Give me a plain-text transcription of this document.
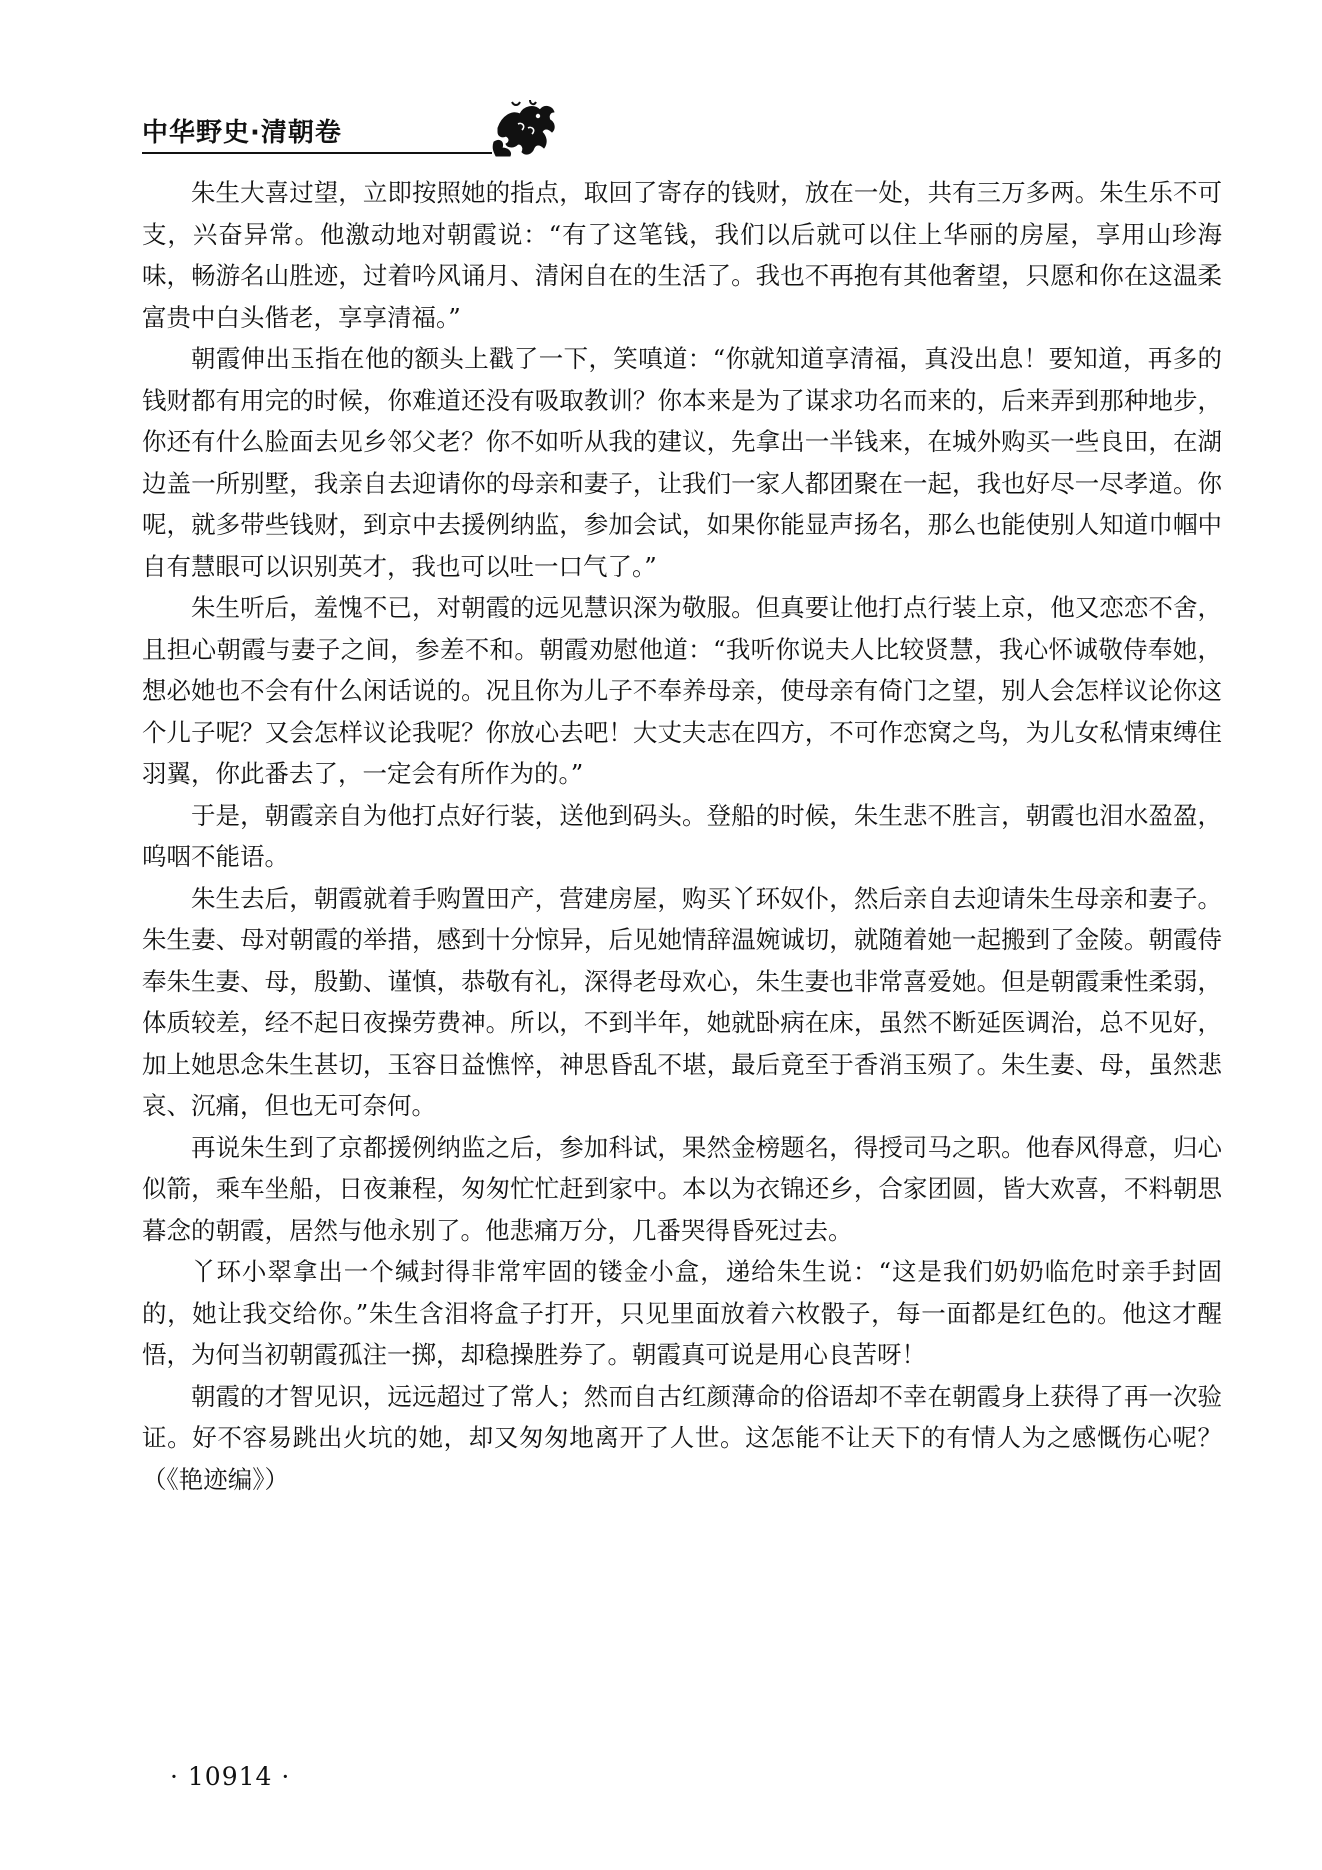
中华野史·清朝卷

朱生大喜过望，立即按照她的指点，取回了寄存的钱财，放在一处，共有三万多两。朱生乐不可支，兴奋异常。他激动地对朝霞说：“有了这笔钱，我们以后就可以住上华丽的房屋，享用山珍海味，畅游名山胜迹，过着吟风诵月、清闲自在的生活了。我也不再抱有其他奢望，只愿和你在这温柔富贵中白头偕老，享享清福。”

朝霞伸出玉指在他的额头上戳了一下，笑嗔道：“你就知道享清福，真没出息！要知道，再多的钱财都有用完的时候，你难道还没有吸取教训？你本来是为了谋求功名而来的，后来弄到那种地步，你还有什么脸面去见乡邻父老？你不如听从我的建议，先拿出一半钱来，在城外购买一些良田，在湖边盖一所别墅，我亲自去迎请你的母亲和妻子，让我们一家人都团聚在一起，我也好尽一尽孝道。你呢，就多带些钱财，到京中去援例纳监，参加会试，如果你能显声扬名，那么也能使别人知道巾帼中自有慧眼可以识别英才，我也可以吐一口气了。”

朱生听后，羞愧不已，对朝霞的远见慧识深为敬服。但真要让他打点行装上京，他又恋恋不舍，且担心朝霞与妻子之间，参差不和。朝霞劝慰他道：“我听你说夫人比较贤慧，我心怀诚敬侍奉她，想必她也不会有什么闲话说的。况且你为儿子不奉养母亲，使母亲有倚门之望，别人会怎样议论你这个儿子呢？又会怎样议论我呢？你放心去吧！大丈夫志在四方，不可作恋窝之鸟，为儿女私情束缚住羽翼，你此番去了，一定会有所作为的。”

于是，朝霞亲自为他打点好行装，送他到码头。登船的时候，朱生悲不胜言，朝霞也泪水盈盈，呜咽不能语。

朱生去后，朝霞就着手购置田产，营建房屋，购买丫环奴仆，然后亲自去迎请朱生母亲和妻子。朱生妻、母对朝霞的举措，感到十分惊异，后见她情辞温婉诚切，就随着她一起搬到了金陵。朝霞侍奉朱生妻、母，殷勤、谨慎，恭敬有礼，深得老母欢心，朱生妻也非常喜爱她。但是朝霞秉性柔弱，体质较差，经不起日夜操劳费神。所以，不到半年，她就卧病在床，虽然不断延医调治，总不见好，加上她思念朱生甚切，玉容日益憔悴，神思昏乱不堪，最后竟至于香消玉殒了。朱生妻、母，虽然悲哀、沉痛，但也无可奈何。

再说朱生到了京都援例纳监之后，参加科试，果然金榜题名，得授司马之职。他春风得意，归心似箭，乘车坐船，日夜兼程，匆匆忙忙赶到家中。本以为衣锦还乡，合家团圆，皆大欢喜，不料朝思暮念的朝霞，居然与他永别了。他悲痛万分，几番哭得昏死过去。

丫环小翠拿出一个缄封得非常牢固的镂金小盒，递给朱生说：“这是我们奶奶临危时亲手封固的，她让我交给你。”朱生含泪将盒子打开，只见里面放着六枚骰子，每一面都是红色的。他这才醒悟，为何当初朝霞孤注一掷，却稳操胜券了。朝霞真可说是用心良苦呀！

朝霞的才智见识，远远超过了常人；然而自古红颜薄命的俗语却不幸在朝霞身上获得了再一次验证。好不容易跳出火坑的她，却又匆匆地离开了人世。这怎能不让天下的有情人为之感慨伤心呢？（《艳迹编》）

· 10914 ·
